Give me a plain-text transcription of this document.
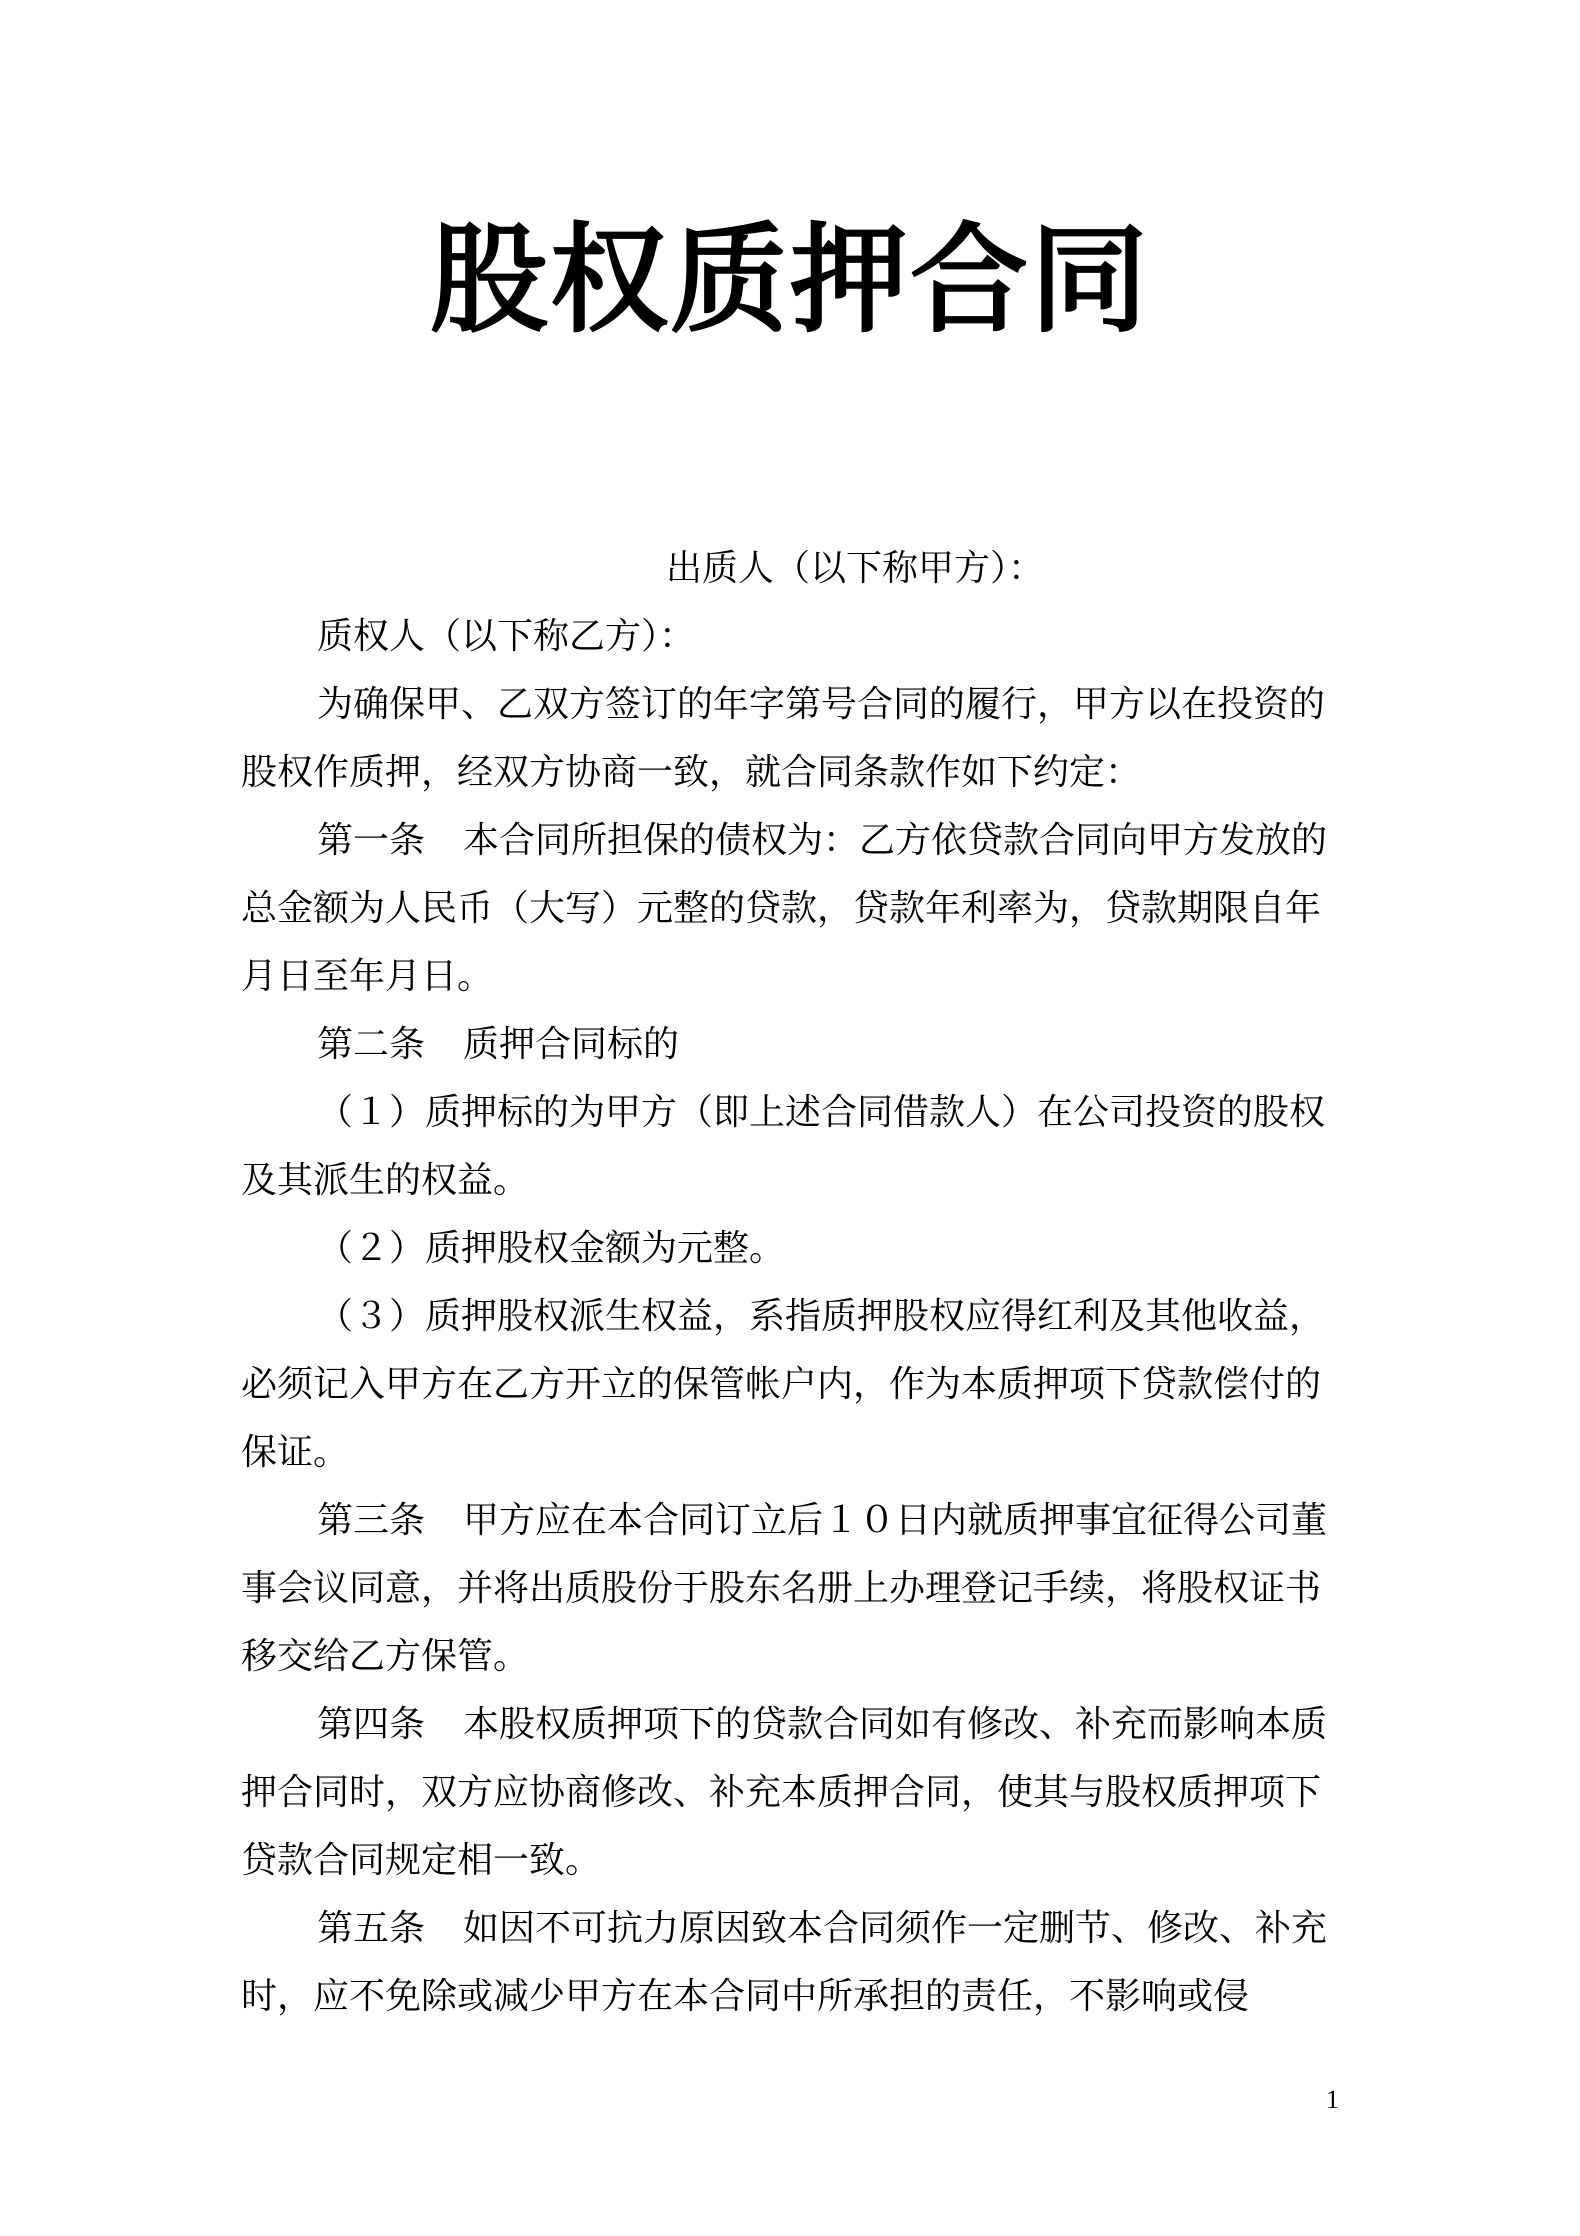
股权质押合同

出质人（以下称甲方）：

质权人（以下称乙方）：

为确保甲、乙双方签订的年字第号合同的履行，甲方以在投资的股权作质押，经双方协商一致，就合同条款作如下约定：

第一条 本合同所担保的债权为：乙方依贷款合同向甲方发放的总金额为人民币（大写）元整的贷款，贷款年利率为，贷款期限自年月日至年月日。

第二条 质押合同标的

（１）质押标的为甲方（即上述合同借款人）在公司投资的股权及其派生的权益。

（２）质押股权金额为元整。

（３）质押股权派生权益，系指质押股权应得红利及其他收益，必须记入甲方在乙方开立的保管帐户内，作为本质押项下贷款偿付的保证。

第三条 甲方应在本合同订立后１０日内就质押事宜征得公司董事会议同意，并将出质股份于股东名册上办理登记手续，将股权证书移交给乙方保管。

第四条 本股权质押项下的贷款合同如有修改、补充而影响本质押合同时，双方应协商修改、补充本质押合同，使其与股权质押项下贷款合同规定相一致。

第五条 如因不可抗力原因致本合同须作一定删节、修改、补充时，应不免除或减少甲方在本合同中所承担的责任，不影响或侵

1
